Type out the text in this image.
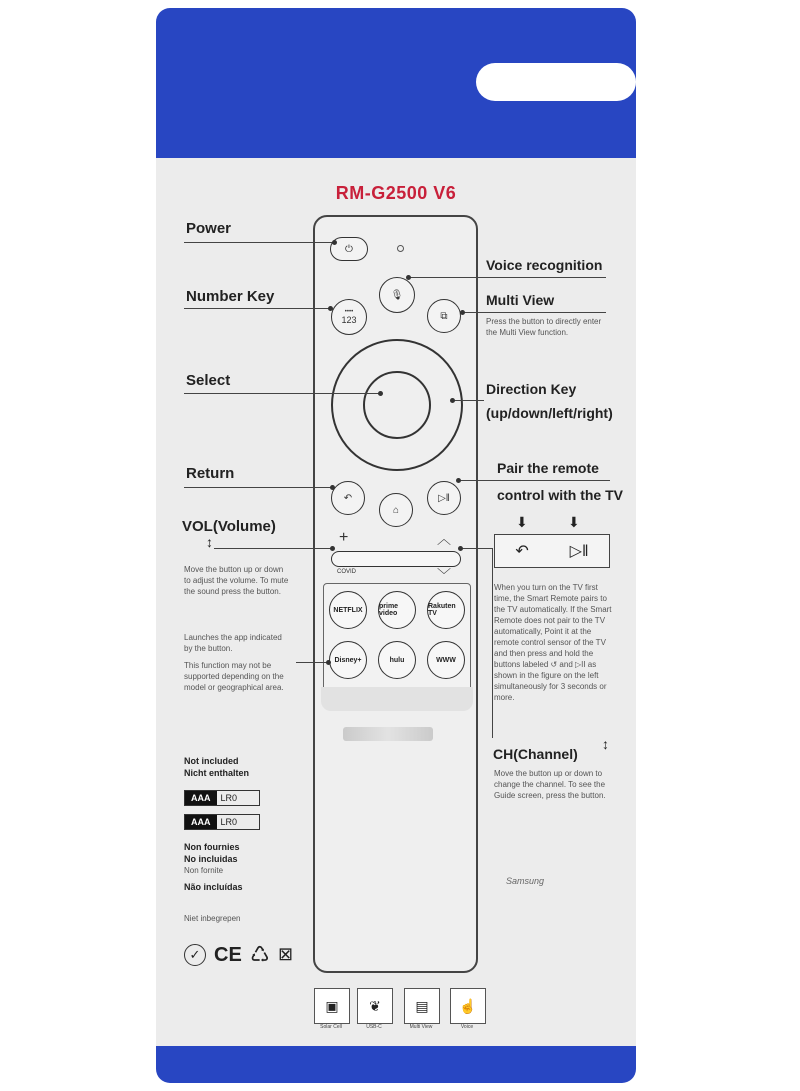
RM-G2500 V6
⏻
🎙
••••
123	⧉
↶
⌂
▷‖
+	︿
COVID	﹀
NETFLIX	prime video
Rakuten TV
Disney+	hulu	WWW
↶	▷‖
⬇	⬇
▣	❦	▤	☝
Solar Cell	USB-C	Multi View	Voice
Power
Number Key
Select
Return
VOL(Volume)
↕
Move the button up or down to adjust the volume. To mute the sound press the button.
Launches the app indicated by the button.
This function may not be supported depending on the model or geographical area.
Voice recognition
Multi View
Press the button to directly enter the Multi View function.
Direction Key
(up/down/left/right)
Pair the remote
control with the TV
When you turn on the TV first time, the Smart Remote pairs to the TV automatically. If the Smart Remote does not pair to the TV automatically, Point it at the remote control sensor of the TV and then press and hold the buttons labeled ↺ and ▷II as shown in the figure on the left simultaneously for 3 seconds or more.
CH(Channel)
↕
Move the button up or down to change the channel. To see the Guide screen, press the button.
Samsung
Not included
Nicht enthalten
AAA	LR0
AAA	LR0
Non fournies
No incluidas
Non fornite
Não incluídas
Niet inbegrepen
✓ CE ♺ ⊠
